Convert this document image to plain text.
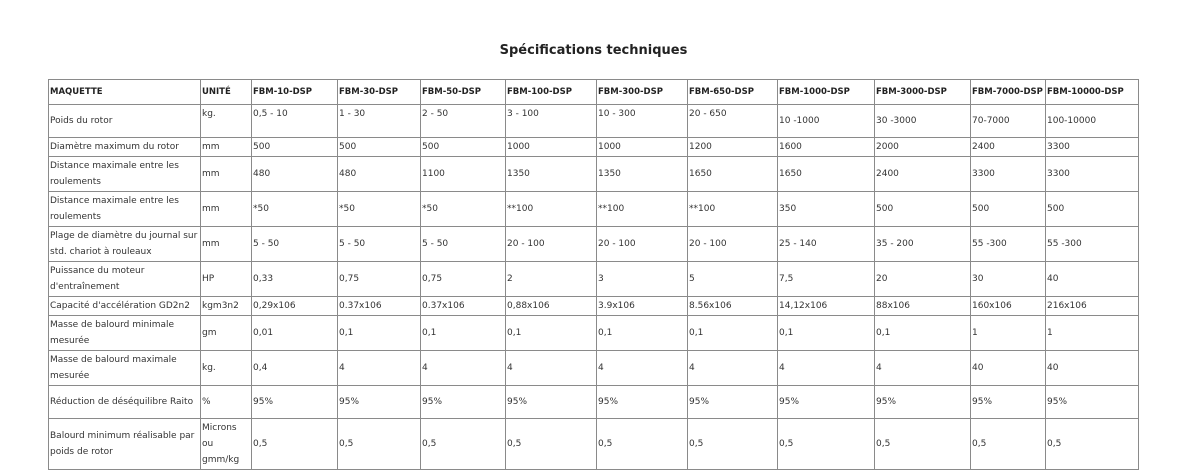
Spécifications techniques
MAQUETTE	UNITÉ	FBM-10-DSP	FBM-30-DSP	FBM-50-DSP	FBM-100-DSP	FBM-300-DSP	FBM-650-DSP	FBM-1000-DSP	FBM-3000-DSP	FBM-7000-DSP	FBM-10000-DSP
Poids du rotor	kg.	0,5 - 10	1 - 30	2 - 50	3 - 100	10 - 300	20 - 650	10 -1000	30 -3000	70-7000	100-10000
Diamètre maximum du rotor	mm	500	500	500	1000	1000	1200	1600	2000	2400	3300
Distance maximale entre les roulements	mm	480	480	1100	1350	1350	1650	1650	2400	3300	3300
Distance maximale entre les roulements	mm	*50	*50	*50	**100	**100	**100	350	500	500	500
Plage de diamètre du journal sur std. chariot à rouleaux	mm	5 - 50	5 - 50	5 - 50	20 - 100	20 - 100	20 - 100	25 - 140	35 - 200	55 -300	55 -300
Puissance du moteur d'entraînement	HP	0,33	0,75	0,75	2	3	5	7,5	20	30	40
Capacité d'accélération GD2n2	kgm3n2	0,29x106	0.37x106	0.37x106	0,88x106	3.9x106	8.56x106	14,12x106	88x106	160x106	216x106
Masse de balourd minimale mesurée	gm	0,01	0,1	0,1	0,1	0,1	0,1	0,1	0,1	1	1
Masse de balourd maximale mesurée	kg.	0,4	4	4	4	4	4	4	4	40	40
Réduction de déséquilibre Raito	%	95%	95%	95%	95%	95%	95%	95%	95%	95%	95%
Balourd minimum réalisable par poids de rotor	Microns ou gmm/kg	0,5	0,5	0,5	0,5	0,5	0,5	0,5	0,5	0,5	0,5
